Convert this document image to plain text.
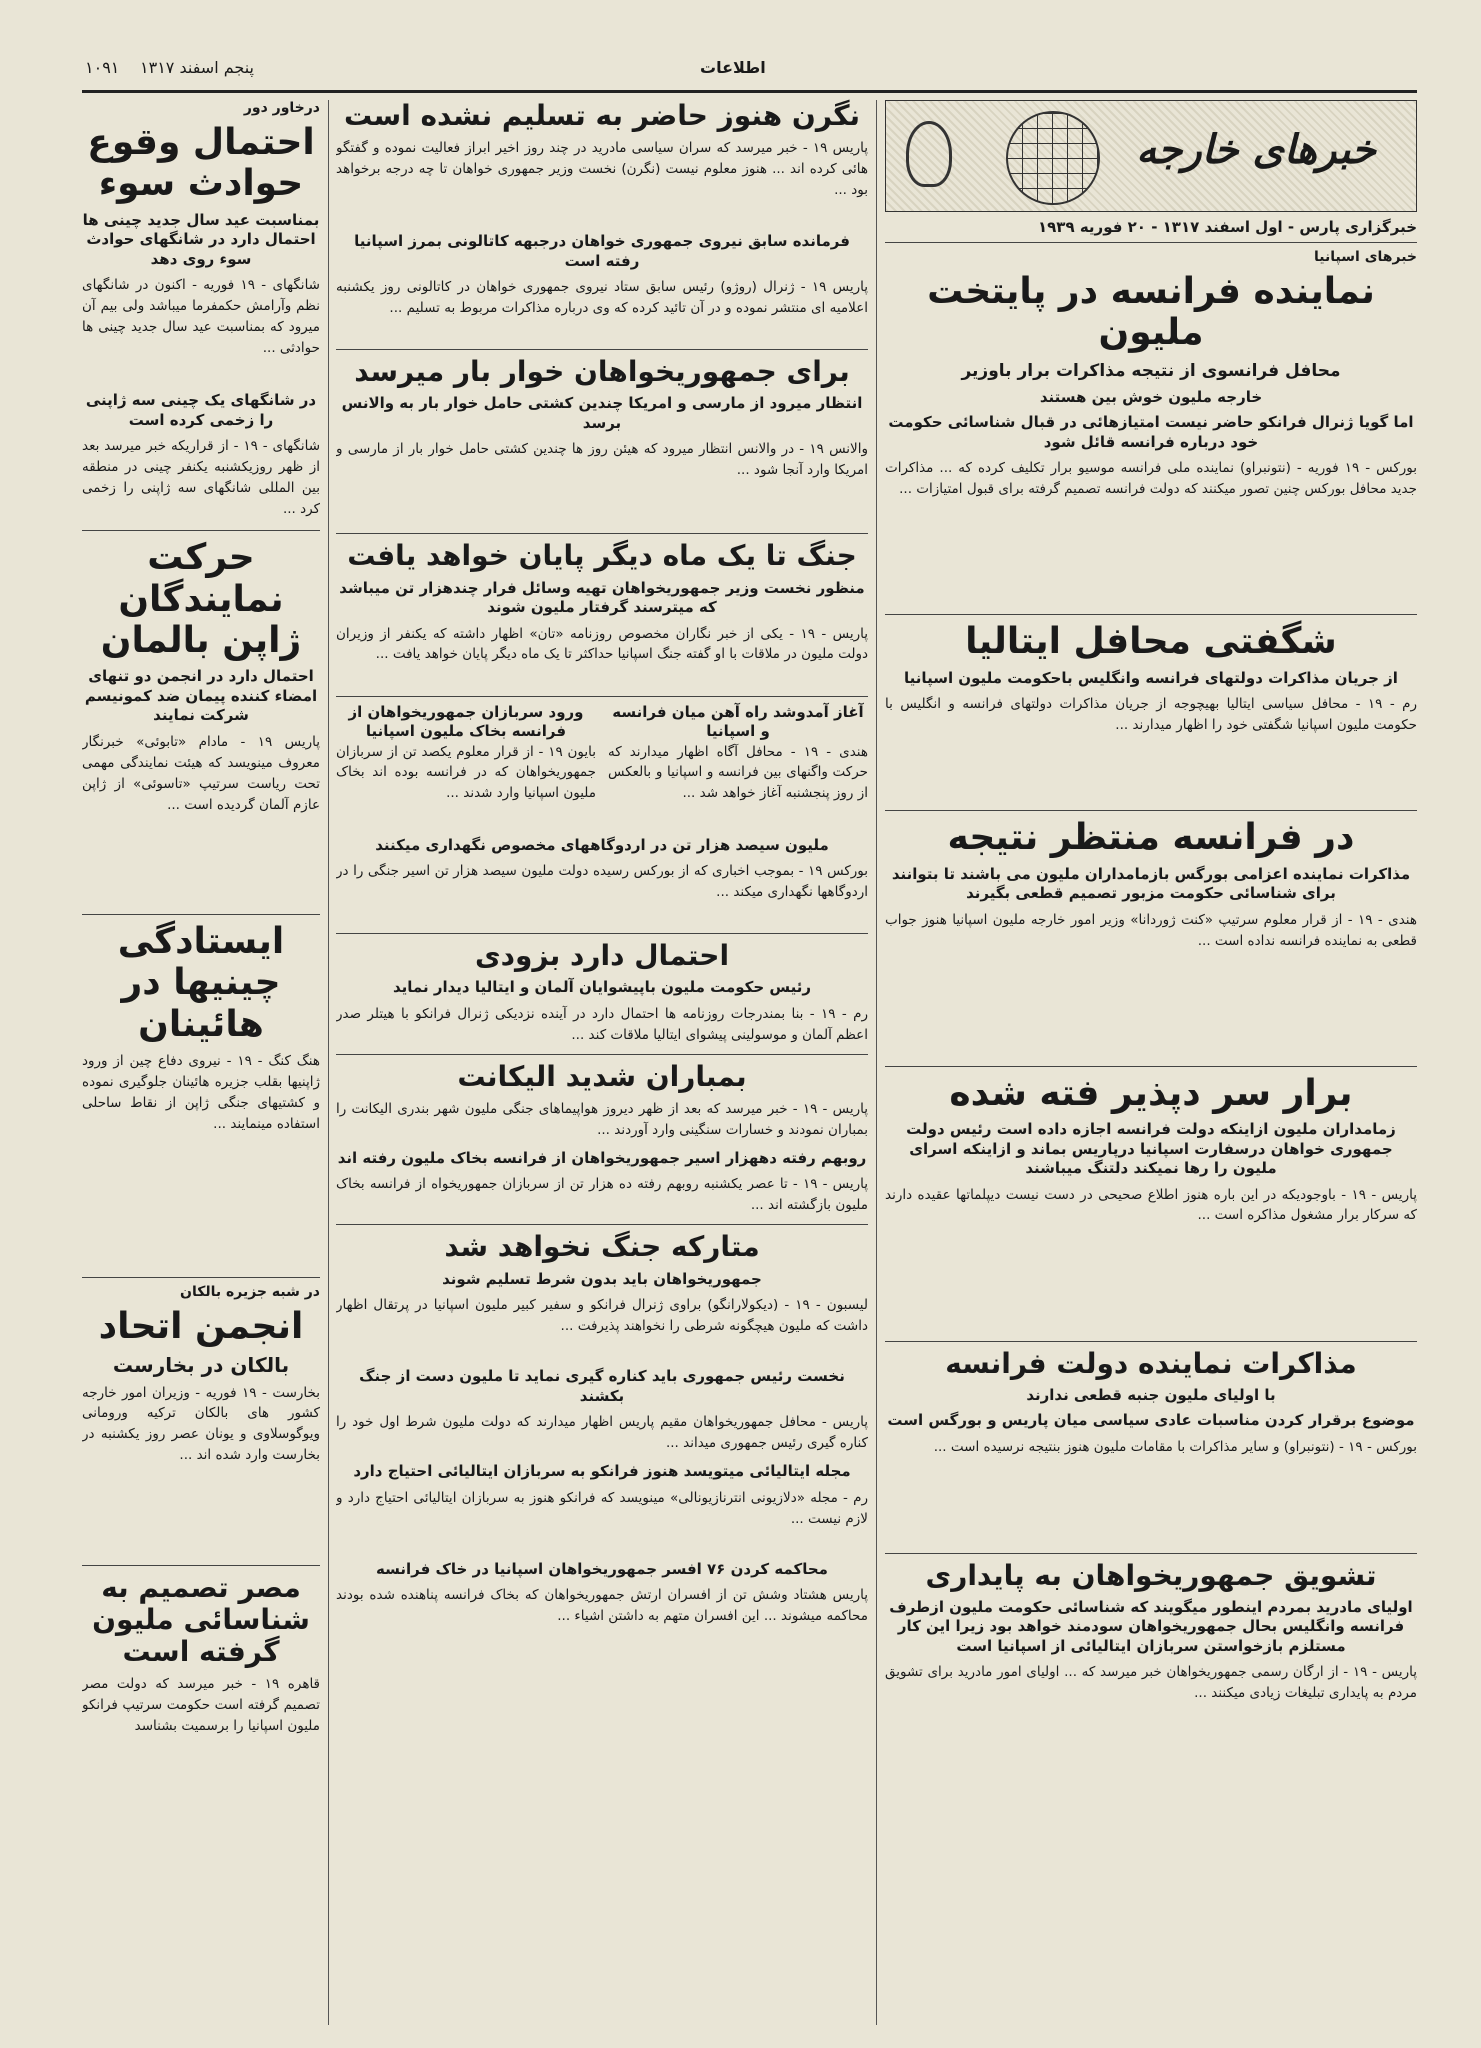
۱۰۹۱ پنجم اسفند ۱۳۱۷	اطلاعات
خبرهای خارجه
خبرگزاری پارس - اول اسفند ۱۳۱۷ - ۲۰ فوریه ۱۹۳۹
خبرهای اسپانیا
نماینده فرانسه در پایتخت ملیون
محافل فرانسوی از نتیجه مذاکرات برار باوزیر
خارجه ملیون خوش بین هستند
اما گویا ژنرال فرانکو حاضر نیست امتیازهائی در قبال شناسائی حکومت خود درباره فرانسه قائل شود
بورکس - ۱۹ فوریه - (نتونبراو) نماینده ملی فرانسه موسیو برار تکلیف کرده که ... مذاکرات جدید محافل بورکس چنین تصور میکنند که دولت فرانسه تصمیم گرفته برای قبول امتیازات ...
شگفتی محافل ایتالیا
از جریان مذاکرات دولتهای فرانسه وانگلیس باحکومت ملیون اسپانیا
رم - ۱۹ - محافل سیاسی ایتالیا بهیچوجه از جریان مذاکرات دولتهای فرانسه و انگلیس با حکومت ملیون اسپانیا شگفتی خود را اظهار میدارند ...
در فرانسه منتظر نتیجه
مذاکرات نماینده اعزامی بورگس بازمامداران ملیون می باشند تا بتوانند برای شناسائی حکومت مزبور تصمیم قطعی بگیرند
هندی - ۱۹ - از قرار معلوم سرتیپ «کنت ژوردانا» وزیر امور خارجه ملیون اسپانیا هنوز جواب قطعی به نماینده فرانسه نداده است ...
برار سر دپذیر فته شده
زمامداران ملیون ازاینکه دولت فرانسه اجازه داده است رئیس دولت جمهوری خواهان درسفارت اسپانیا درپاریس بماند و ازاینکه اسرای ملیون را رها نمیکند دلتنگ میباشند
پاریس - ۱۹ - باوجودیکه در این باره هنوز اطلاع صحیحی در دست نیست دیپلماتها عقیده دارند که سرکار برار مشغول مذاکره است ...
مذاکرات نماینده دولت فرانسه
با اولیای ملیون جنبه قطعی ندارند
موضوع برقرار کردن مناسبات عادی سیاسی میان پاریس و بورگس است
بورکس - ۱۹ - (نتونبراو) و سایر مذاکرات با مقامات ملیون هنوز بنتیجه نرسیده است ...
تشویق جمهوریخواهان به پایداری
اولیای مادرید بمردم اینطور میگویند که شناسائی حکومت ملیون ازطرف فرانسه وانگلیس بحال جمهوریخواهان سودمند خواهد بود زیرا این کار مستلزم بازخواستن سربازان ایتالیائی از اسپانیا است
پاریس - ۱۹ - از ارگان رسمی جمهوریخواهان خبر میرسد که ... اولیای امور مادرید برای تشویق مردم به پایداری تبلیغات زیادی میکنند ...
نگرن هنوز حاضر به تسلیم نشده است
پاریس ۱۹ - خبر میرسد که سران سیاسی مادرید در چند روز اخیر ابراز فعالیت نموده و گفتگو هائی کرده اند ... هنوز معلوم نیست (نگرن) نخست وزیر جمهوری خواهان تا چه درجه برخواهد بود ...
فرمانده سابق نیروی جمهوری خواهان درجبهه کاتالونی بمرز اسپانیا رفته است
پاریس ۱۹ - ژنرال (روژو) رئیس سابق ستاد نیروی جمهوری خواهان در کاتالونی روز یکشنبه اعلامیه ای منتشر نموده و در آن تائید کرده که وی درباره مذاکرات مربوط به تسلیم ...
برای جمهوریخواهان خوار بار میرسد
انتظار میرود از مارسی و امریکا چندین کشتی حامل خوار بار به والانس برسد
والانس ۱۹ - در والانس انتظار میرود که هیئن روز ها چندین کشتی حامل خوار بار از مارسی و امریکا وارد آنجا شود ...
جنگ تا یک ماه دیگر پایان خواهد یافت
منظور نخست وزیر جمهوریخواهان تهیه وسائل فرار چندهزار تن میباشد که میترسند گرفتار ملیون شوند
پاریس - ۱۹ - یکی از خبر نگاران مخصوص روزنامه «تان» اظهار داشته که یکنفر از وزیران دولت ملیون در ملاقات با او گفته جنگ اسپانیا حداکثر تا یک ماه دیگر پایان خواهد یافت ...
آغاز آمدوشد راه آهن میان فرانسه و اسپانیا
هندی - ۱۹ - محافل آگاه اظهار میدارند که حرکت واگنهای بین فرانسه و اسپانیا و بالعکس از روز پنجشنبه آغاز خواهد شد ...
ورود سربازان جمهوریخواهان از فرانسه بخاک ملیون اسپانیا
بایون ۱۹ - از قرار معلوم یکصد تن از سربازان جمهوریخواهان که در فرانسه بوده اند بخاک ملیون اسپانیا وارد شدند ...
ملیون سیصد هزار تن در اردوگاههای مخصوص نگهداری میکنند
بورکس ۱۹ - بموجب اخباری که از بورکس رسیده دولت ملیون سیصد هزار تن اسیر جنگی را در اردوگاهها نگهداری میکند ...
احتمال دارد بزودی
رئیس حکومت ملیون باپیشوایان آلمان و ایتالیا دیدار نماید
رم - ۱۹ - بنا بمندرجات روزنامه ها احتمال دارد در آینده نزدیکی ژنرال فرانکو با هیتلر صدر اعظم آلمان و موسولینی پیشوای ایتالیا ملاقات کند ...
بمباران شدید الیکانت
پاریس - ۱۹ - خبر میرسد که بعد از ظهر دیروز هواپیماهای جنگی ملیون شهر بندری الیکانت را بمباران نمودند و خسارات سنگینی وارد آوردند ...
روبهم رفته دههزار اسیر جمهوریخواهان از فرانسه بخاک ملیون رفته اند
پاریس - ۱۹ - تا عصر یکشنبه روبهم رفته ده هزار تن از سربازان جمهوریخواه از فرانسه بخاک ملیون بازگشته اند ...
متارکه جنگ نخواهد شد
جمهوریخواهان باید بدون شرط تسلیم شوند
لیسبون - ۱۹ - (دیکولارانگو) براوی ژنرال فرانکو و سفیر کبیر ملیون اسپانیا در پرتقال اظهار داشت که ملیون هیچگونه شرطی را نخواهند پذیرفت ...
نخست رئیس جمهوری باید کناره گیری نماید تا ملیون دست از جنگ بکشند
پاریس - محافل جمهوریخواهان مقیم پاریس اظهار میدارند که دولت ملیون شرط اول خود را کناره گیری رئیس جمهوری میداند ...
مجله ایتالیائی میتویسد هنوز فرانکو به سربازان ایتالیائی احتیاج دارد
رم - مجله «دلازیونی انترنازیونالی» مینویسد که فرانکو هنوز به سربازان ایتالیائی احتیاج دارد و لازم نیست ...
محاکمه کردن ۷۶ افسر جمهوریخواهان اسپانیا در خاک فرانسه
پاریس هشتاد وشش تن از افسران ارتش جمهوریخواهان که بخاک فرانسه پناهنده شده بودند محاکمه میشوند ... این افسران متهم به داشتن اشیاء ...
درخاور دور
احتمال وقوع حوادث سوء
بمناسبت عید سال جدید چینی ها احتمال دارد در شانگهای حوادث سوء روی دهد
شانگهای - ۱۹ فوریه - اکنون در شانگهای نظم وآرامش حکمفرما میباشد ولی بیم آن میرود که بمناسبت عید سال جدید چینی ها حوادثی ...
در شانگهای یک چینی سه ژاپنی را زخمی کرده است
شانگهای - ۱۹ - از قراریکه خبر میرسد بعد از ظهر روزیکشنبه یکنفر چینی در منطقه بین المللی شانگهای سه ژاپنی را زخمی کرد ...
حرکت نمایندگان ژاپن بالمان
احتمال دارد در انجمن دو تنهای امضاء کننده پیمان ضد کمونیسم شرکت نمایند
پاریس ۱۹ - مادام «تابوئی» خبرنگار معروف مینویسد که هیئت نمایندگی مهمی تحت ریاست سرتیپ «تاسوئی» از ژاپن عازم آلمان گردیده است ...
ایستادگی چینیها در هائینان
هنگ کنگ - ۱۹ - نیروی دفاع چین از ورود ژاپنیها بقلب جزیره هائینان جلوگیری نموده و کشتیهای جنگی ژاپن از نقاط ساحلی استفاده مینمایند ...
در شبه جزیره بالکان
انجمن اتحاد
بالکان در بخارست
بخارست - ۱۹ فوریه - وزیران امور خارجه کشور های بالکان ترکیه ورومانی ویوگوسلاوی و یونان عصر روز یکشنبه در بخارست وارد شده اند ...
مصر تصمیم به شناسائی ملیون گرفته است
قاهره ۱۹ - خبر میرسد که دولت مصر تصمیم گرفته است حکومت سرتیپ فرانکو ملیون اسپانیا را برسمیت بشناسد
